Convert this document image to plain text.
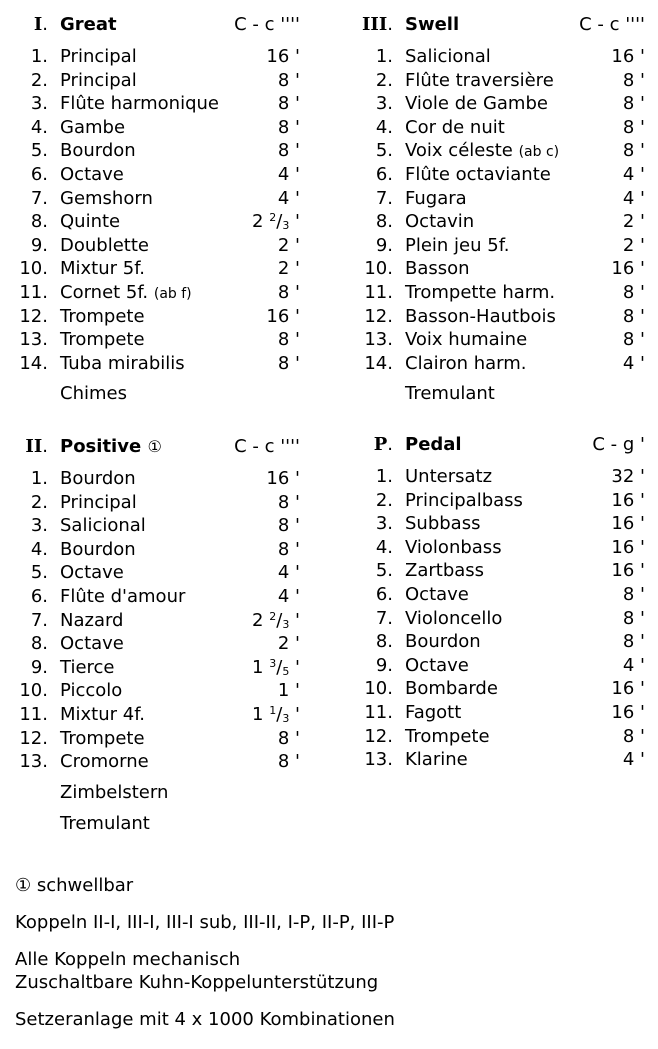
I. Great	C - c ''''
1. Principal	16 '
2. Principal	8 '
3. Flûte harmonique	8 '
4. Gambe	8 '
5. Bourdon	8 '
6. Octave	4 '
7. Gemshorn	4 '
8. Quinte	2 $^2/_3$ '
9. Doublette	2 '
10. Mixtur 5f.	2 '
11. Cornet 5f. (ab f)	8 '
12. Trompete	16 '
13. Trompete	8 '
14. Tuba mirabilis	8 '
Chimes
III. Swell	C - c ''''
1. Salicional	16 '
2. Flûte traversière	8 '
3. Viole de Gambe	8 '
4. Cor de nuit	8 '
5. Voix céleste (ab c)	8 '
6. Flûte octaviante	4 '
7. Fugara	4 '
8. Octavin	2 '
9. Plein jeu 5f.	2 '
10. Basson	16 '
11. Trompette harm.	8 '
12. Basson-Hautbois	8 '
13. Voix humaine	8 '
14. Clairon harm.	4 '
Tremulant
II. Positive ①	C - c ''''
1. Bourdon	16 '
2. Principal	8 '
3. Salicional	8 '
4. Bourdon	8 '
5. Octave	4 '
6. Flûte d'amour	4 '
7. Nazard	2 $^2/_3$ '
8. Octave	2 '
9. Tierce	1 $^3/_5$ '
10. Piccolo	1 '
11. Mixtur 4f.	1 $^1/_3$ '
12. Trompete	8 '
13. Cromorne	8 '
Zimbelstern
Tremulant
P. Pedal	C - g '
1. Untersatz	32 '
2. Principalbass	16 '
3. Subbass	16 '
4. Violonbass	16 '
5. Zartbass	16 '
6. Octave	8 '
7. Violoncello	8 '
8. Bourdon	8 '
9. Octave	4 '
10. Bombarde	16 '
11. Fagott	16 '
12. Trompete	8 '
13. Klarine	4 '

① schwellbar

Koppeln II-I, III-I, III-I sub, III-II, I-P, II-P, III-P

Alle Koppeln mechanisch

Zuschaltbare Kuhn-Koppelunterstützung

Setzeranlage mit 4 x 1000 Kombinationen
